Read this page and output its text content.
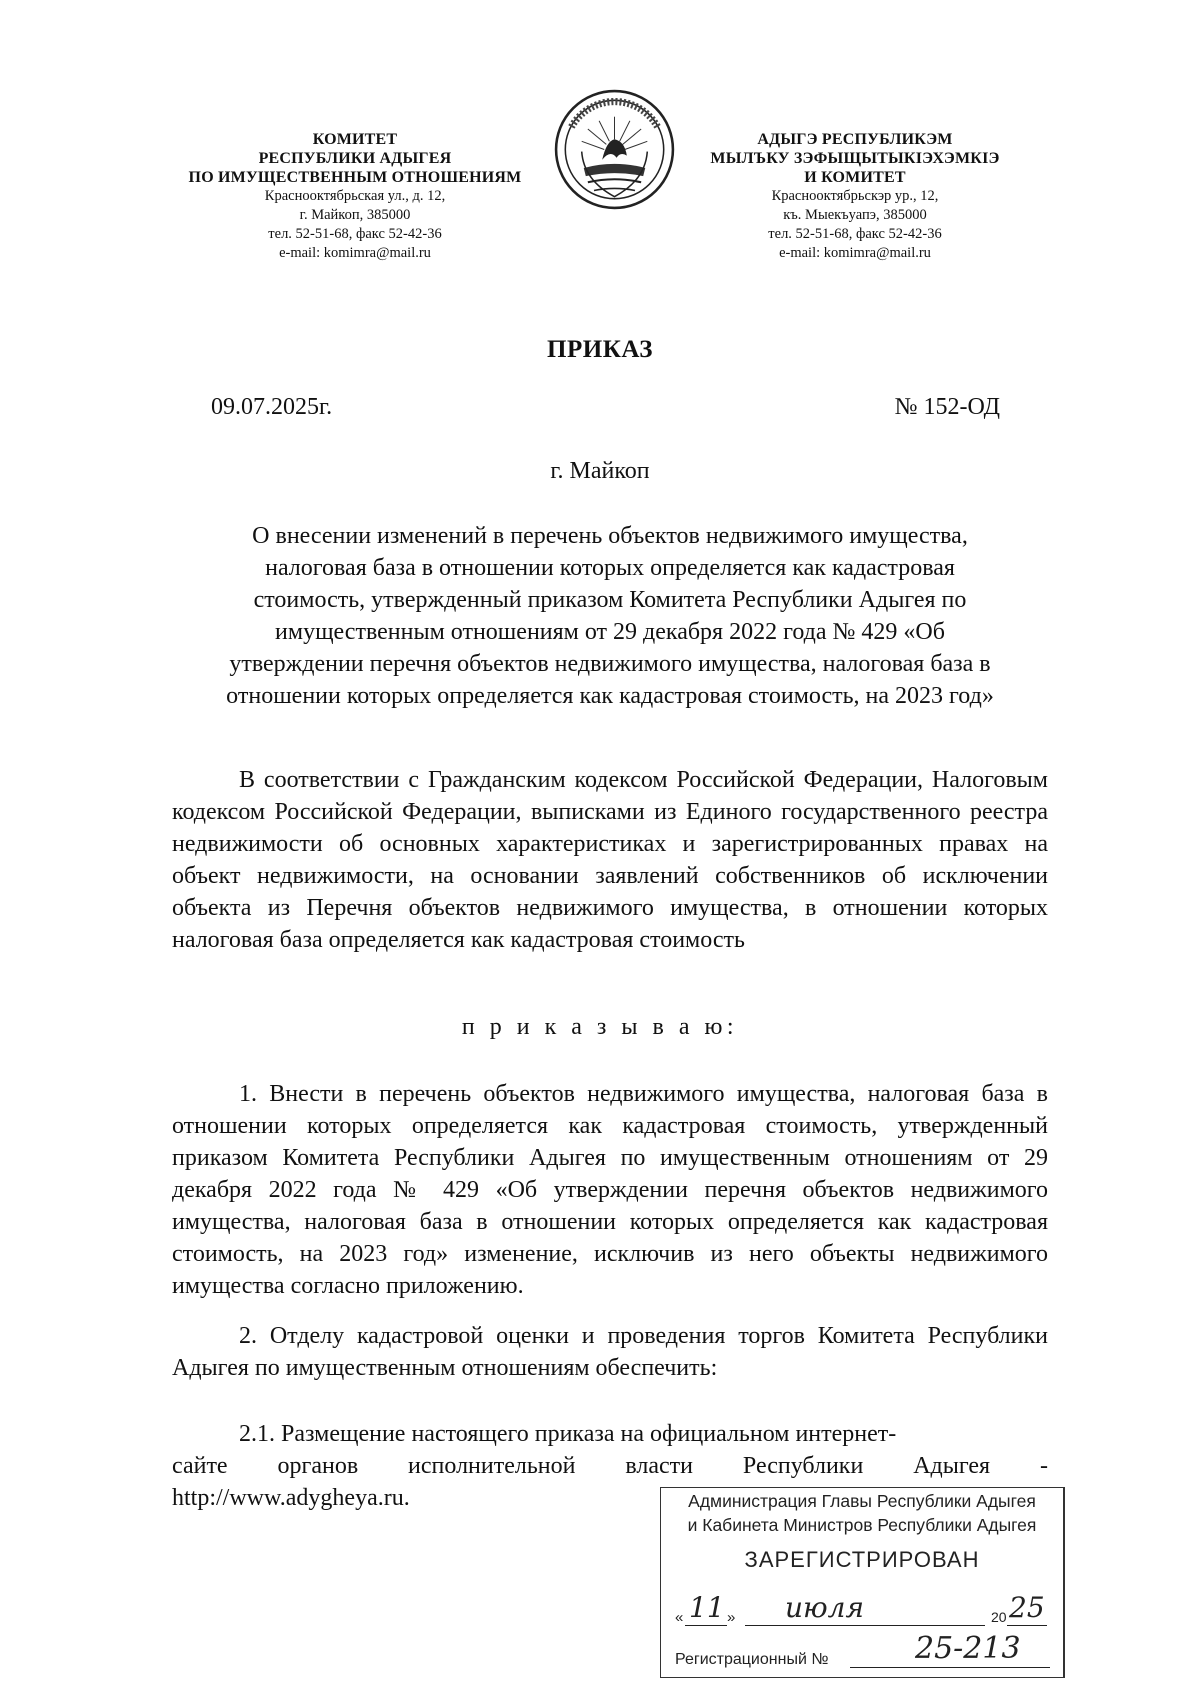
КОМИТЕТ
РЕСПУБЛИКИ АДЫГЕЯ
ПО ИМУЩЕСТВЕННЫМ ОТНОШЕНИЯМ
Краснооктябрьская ул., д. 12,
г. Майкоп, 385000
тел. 52-51-68, факс 52-42-36
e-mail: komimra@mail.ru
АДЫГЭ РЕСПУБЛИКЭМ
МЫЛЪКУ ЗЭФЫЩЫТЫКІЭХЭМКІЭ
И КОМИТЕТ
Краснооктябрьскэр ур., 12,
къ. Мыекъуапэ, 385000
тел. 52-51-68, факс 52-42-36
e-mail: komimra@mail.ru
ПРИКАЗ
09.07.2025г.	№ 152-ОД
г. Майкоп
О внесении изменений в перечень объектов недвижимого имущества,
налоговая база в отношении которых определяется как кадастровая
стоимость, утвержденный приказом Комитета Республики Адыгея по
имущественным отношениям от 29 декабря 2022 года № 429 «Об
утверждении перечня объектов недвижимого имущества, налоговая база в
отношении которых определяется как кадастровая стоимость, на 2023 год»

В соответствии с Гражданским кодексом Российской Федерации, Налоговым кодексом Российской Федерации, выписками из Единого государственного реестра недвижимости об основных характеристиках и зарегистрированных правах на объект недвижимости, на основании заявлений собственников об исключении объекта из Перечня объектов недвижимого имущества, в отношении которых налоговая база определяется как кадастровая стоимость

п р и к а з ы в а ю:

1. Внести в перечень объектов недвижимого имущества, налоговая база в отношении которых определяется как кадастровая стоимость, утвержденный приказом Комитета Республики Адыгея по имущественным отношениям от 29 декабря 2022 года № 429 «Об утверждении перечня объектов недвижимого имущества, налоговая база в отношении которых определяется как кадастровая стоимость, на 2023 год» изменение, исключив из него объекты недвижимого имущества согласно приложению.

2. Отделу кадастровой оценки и проведения торгов Комитета Республики Адыгея по имущественным отношениям обеспечить:

2.1. Размещение настоящего приказа на официальном интернет-

сайте органов исполнительной власти Республики Адыгея -

http://www.adygheya.ru.	Администрация Главы Республики Адыгея
и Кабинета Министров Республики Адыгея
ЗАРЕГИСТРИРОВАН
« 11 » июля	20 25
Регистрационный №	25-213
